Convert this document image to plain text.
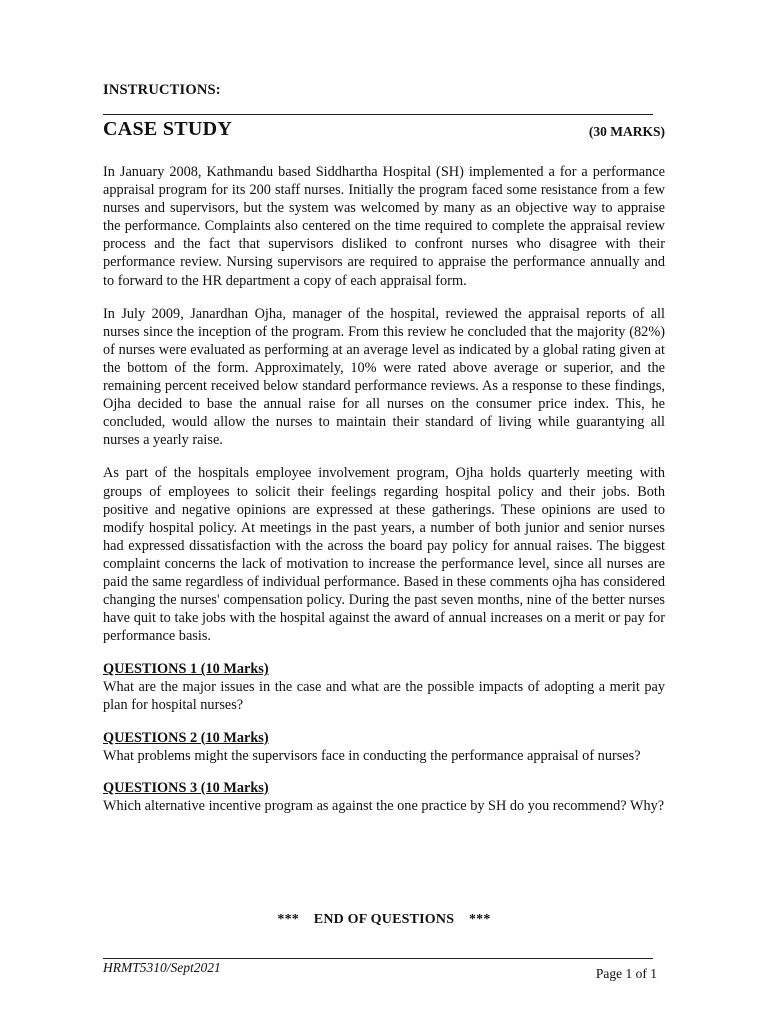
INSTRUCTIONS:
CASE STUDY	(30 MARKS)

In January 2008, Kathmandu based Siddhartha Hospital (SH) implemented a for a performance appraisal program for its 200 staff nurses. Initially the program faced some resistance from a few nurses and supervisors, but the system was welcomed by many as an objective way to appraise the performance. Complaints also centered on the time required to complete the appraisal review process and the fact that supervisors disliked to confront nurses who disagree with their performance review. Nursing supervisors are required to appraise the performance annually and to forward to the HR department a copy of each appraisal form.

In July 2009, Janardhan Ojha, manager of the hospital, reviewed the appraisal reports of all nurses since the inception of the program. From this review he concluded that the majority (82%) of nurses were evaluated as performing at an average level as indicated by a global rating given at the bottom of the form. Approximately, 10% were rated above average or superior, and the remaining percent received below standard performance reviews. As a response to these findings, Ojha decided to base the annual raise for all nurses on the consumer price index. This, he concluded, would allow the nurses to maintain their standard of living while guarantying all nurses a yearly raise.

As part of the hospitals employee involvement program, Ojha holds quarterly meeting with groups of employees to solicit their feelings regarding hospital policy and their jobs. Both positive and negative opinions are expressed at these gatherings. These opinions are used to modify hospital policy. At meetings in the past years, a number of both junior and senior nurses had expressed dissatisfaction with the across the board pay policy for annual raises. The biggest complaint concerns the lack of motivation to increase the performance level, since all nurses are paid the same regardless of individual performance. Based in these comments ojha has considered changing the nurses' compensation policy. During the past seven months, nine of the better nurses have quit to take jobs with the hospital against the award of annual increases on a merit or pay for performance basis.

QUESTIONS 1 (10 Marks)
What are the major issues in the case and what are the possible impacts of adopting a merit pay plan for hospital nurses?
QUESTIONS 2 (10 Marks)
What problems might the supervisors face in conducting the performance appraisal of nurses?
QUESTIONS 3 (10 Marks)
Which alternative incentive program as against the one practice by SH do you recommend? Why?
***    END OF QUESTIONS    ***
HRMT5310/Sept2021	Page 1 of 1
